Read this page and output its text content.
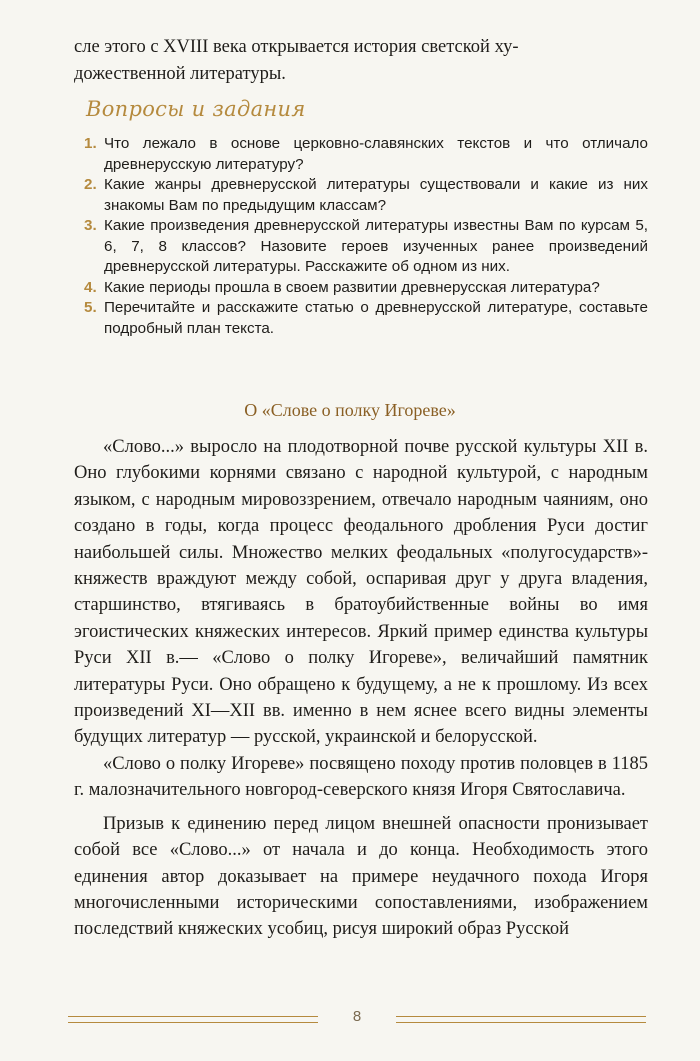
сле этого с XVIII века открывается история светской ху-

дожественной литературы.

Вопросы и задания
1. Что лежало в основе церковно-славянских текстов и что отличало древнерусскую литературу?
2. Какие жанры древнерусской литературы существовали и какие из них знакомы Вам по предыдущим классам?
3. Какие произведения древнерусской литературы известны Вам по курсам 5, 6, 7, 8 классов? Назовите героев изученных ранее произведений древнерусской литературы. Расскажите об одном из них.
4. Какие периоды прошла в своем развитии древнерусская литература?
5. Перечитайте и расскажите статью о древнерусской литературе, составьте подробный план текста.
О «Слове о полку Игореве»

«Слово...» выросло на плодотворной почве русской культуры XII в. Оно глубокими корнями связано с народной культурой, с народным языком, с народным мировоззрением, отвечало народным чаяниям, оно создано в годы, когда процесс феодального дробления Руси достиг наибольшей силы. Множество мелких феодальных «полугосударств»-княжеств враждуют между собой, оспаривая друг у друга владения, старшинство, втягиваясь в братоубийственные войны во имя эгоистических княжеских интересов. Яркий пример единства культуры Руси XII в.— «Слово о полку Игореве», величайший памятник литературы Руси. Оно обращено к будущему, а не к прошлому. Из всех произведений XI—XII вв. именно в нем яснее всего видны элементы будущих литератур — русской, украинской и белорусской.

«Слово о полку Игореве» посвящено походу против половцев в 1185 г. малозначительного новгород-северского князя Игоря Святославича.

Призыв к единению перед лицом внешней опасности пронизывает собой все «Слово...» от начала и до конца. Необходимость этого единения автор доказывает на примере неудачного похода Игоря многочисленными историческими сопоставлениями, изображением последствий княжеских усобиц, рисуя широкий образ Русской

8
